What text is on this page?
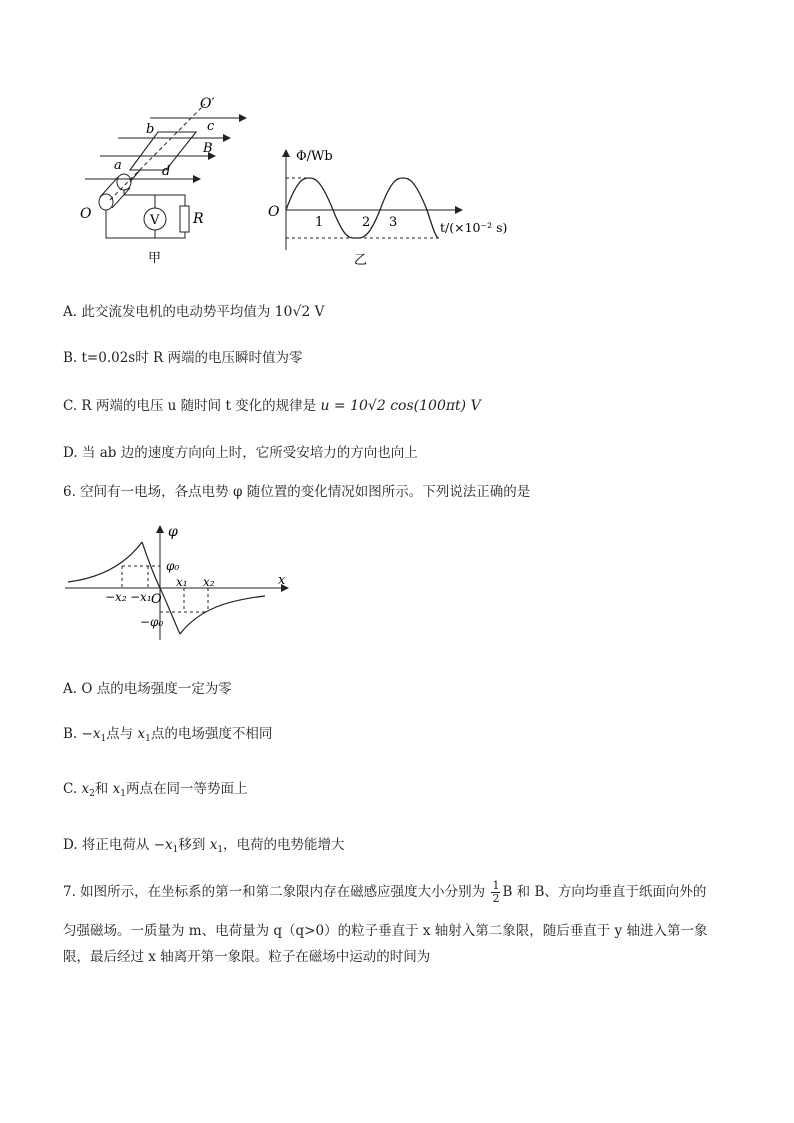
O′
b	c
B
a	d
O	V R
甲
Φ/Wb
O
1	2 3	t/(×10⁻² s)
乙
A. 此交流发电机的电动势平均值为 10√2 V
B. t=0.02s时 R 两端的电压瞬时值为零
C. R 两端的电压 u 随时间 t 变化的规律是 u = 10√2 cos(100πt) V
D. 当 ab 边的速度方向向上时，它所受安培力的方向也向上
6. 空间有一电场，各点电势 φ 随位置的变化情况如图所示。下列说法正确的是
φ
φ₀
x
x₁ x₂
−x₂ −x₁ O
−φ₀
A. O 点的电场强度一定为零
B. $-x_1$点与 $x_1$点的电场强度不相同
C. $x_2$和 $x_1$两点在同一等势面上
D. 将正电荷从 $-x_1$移到 $x_1$，电荷的电势能增大
7. 如图所示，在坐标系的第一和第二象限内存在磁感应强度大小分别为 $\frac{1}{2}$ B 和 B、方向均垂直于纸面向外的
匀强磁场。一质量为 m、电荷量为 q（q>0）的粒子垂直于 x 轴射入第二象限，随后垂直于 y 轴进入第一象
限，最后经过 x 轴离开第一象限。粒子在磁场中运动的时间为
